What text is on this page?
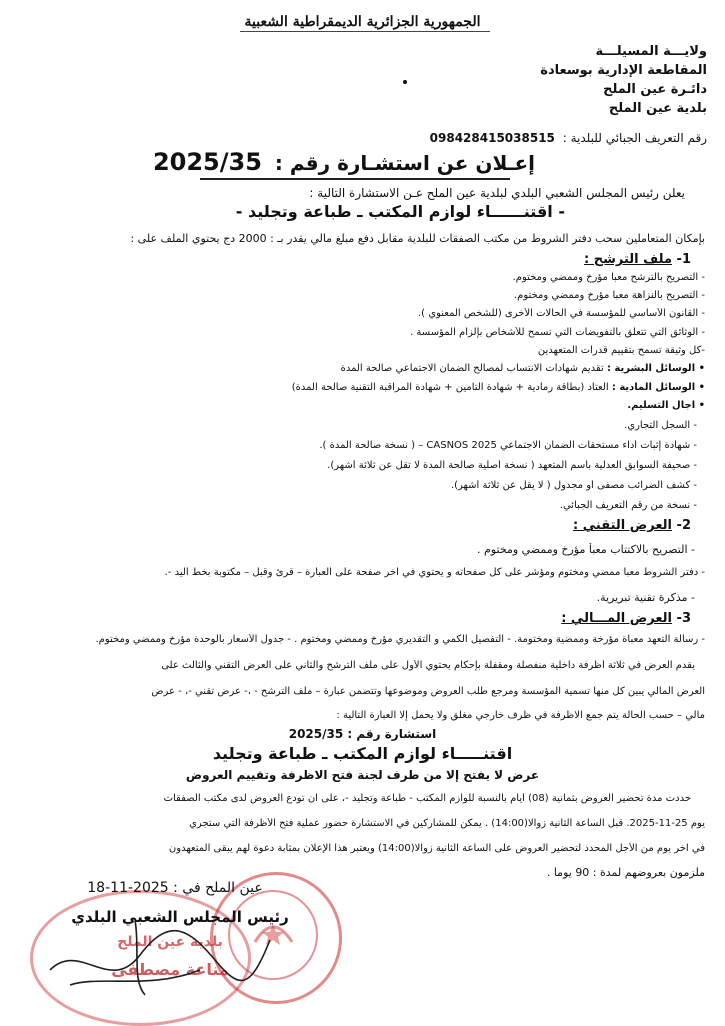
الجمهورية الجزائرية الديمقراطية الشعبية
ولايـــة المسيلـــة
المقاطعة الإدارية بوسعادة
دائـرة عين الملح
بلدية عين الملح
رقم التعريف الجبائي للبلدية : 098428415038515
إعـلان عن استشـارة رقم : 2025/35
يعلن رئيس المجلس الشعبي البلدي لبلدية عين الملح عـن الاستشارة التالية :
- اقتنــــــاء لوازم المكتب ـ طباعة وتجليد -
بإمكان المتعاملين سحب دفتر الشروط من مكتب الصفقات للبلدية مقابل دفع مبلغ مالي يقدر بـ : 2000 دج يحتوي الملف على :
1- ملف الترشح :
- التصريح بالترشح معبأ مؤرخ وممضي ومختوم.
- التصريح بالنزاهة معبأ مؤرخ وممضي ومختوم.
- القانون الأساسي للمؤسسة في الحالات الأخرى (للشخص المعنوي ).
- الوثائق التي تتعلق بالتفويضات التي تسمح للأشخاص بإلزام المؤسسة .
-كل وثيقة تسمح بتقييم قدرات المتعهدين
• الوسائل البشرية : تقديم شهادات الانتساب لمصالح الضمان الاجتماعي صالحة المدة
• الوسائل المادية : العتاد (بطاقة رمادية + شهادة التأمين + شهادة المراقبة التقنية صالحة المدة)
• آجال التسليم.
- السجل التجاري.
- شهادة إثبات أداء مستحقات الضمان الاجتماعي CASNOS 2025 – ( نسخة صالحة المدة ).
- صحيفة السوابق العدلية باسم المتعهد ( نسخة أصلية صالحة المدة لا تقل عن ثلاثة أشهر).
- كشف الضرائب مصفى أو مجدول ( لا يقل عن ثلاثة أشهر).
- نسخة من رقم التعريف الجبائي.
2- العرض التقني :
- التصريح بالاكتتاب معبأ مؤرخ وممضي ومختوم .
- دفتر الشروط معبأ ممضي ومختوم ومؤشر على كل صفحاته و يحتوي في آخر صفحة على العبارة – قرئ وقبل – مكتوبة بخط اليد -.
- مذكرة تقنية تبريرية.
3- العرض المـــالي :
- رسالة التعهد معبأة مؤرخة وممضية ومختومة. - التفصيل الكمي و التقديري مؤرخ وممضي ومختوم . - جدول الأسعار بالوحدة مؤرخ وممضي ومختوم.
يقدم العرض في ثلاثة أظرفة داخلية منفصلة ومقفلة بإحكام يحتوي الأول على ملف الترشح والثاني على العرض التقني والثالث على
العرض المالي يبين كل منها تسمية المؤسسة ومرجع طلب العروض وموضوعها وتتضمن عبارة – ملف الترشح - ،- عرض تقني -، - عرض
مالي – حسب الحالة يتم جمع الاظرفة في ظرف خارجي مغلق ولا يحمل إلا العبارة التالية :
استشارة رقم : 2025/35
اقتنـــــاء لوازم المكتب ـ طباعة وتجليد
عرض لا يفتح إلا من طرف لجنة فتح الاظرفة وتقييم العروض
حددت مدة تحضير العروض بثمانية (08) أيام بالنسبة للوازم المكتب - طباعة وتجليد -، على أن تودع العروض لدى مكتب الصفقات
يوم 25-11-2025. قبل الساعة الثانية زوالا(14:00) . يمكن للمشاركين في الاستشارة حضور عملية فتح الأظرفة التي ستجري
في آخر يوم من الأجل المحدد لتحضير العروض على الساعة الثانية زوالا(14:00) ويعتبر هذا الإعلان بمثابة دعوة لهم يبقى المتعهدون
ملزمون بعروضهم لمدة : 90 يوما .
عين الملح في : 2025-11-18
رئيس المجلس الشعبي البلدي
بلدية عين الملح
مناعة مصطفى
